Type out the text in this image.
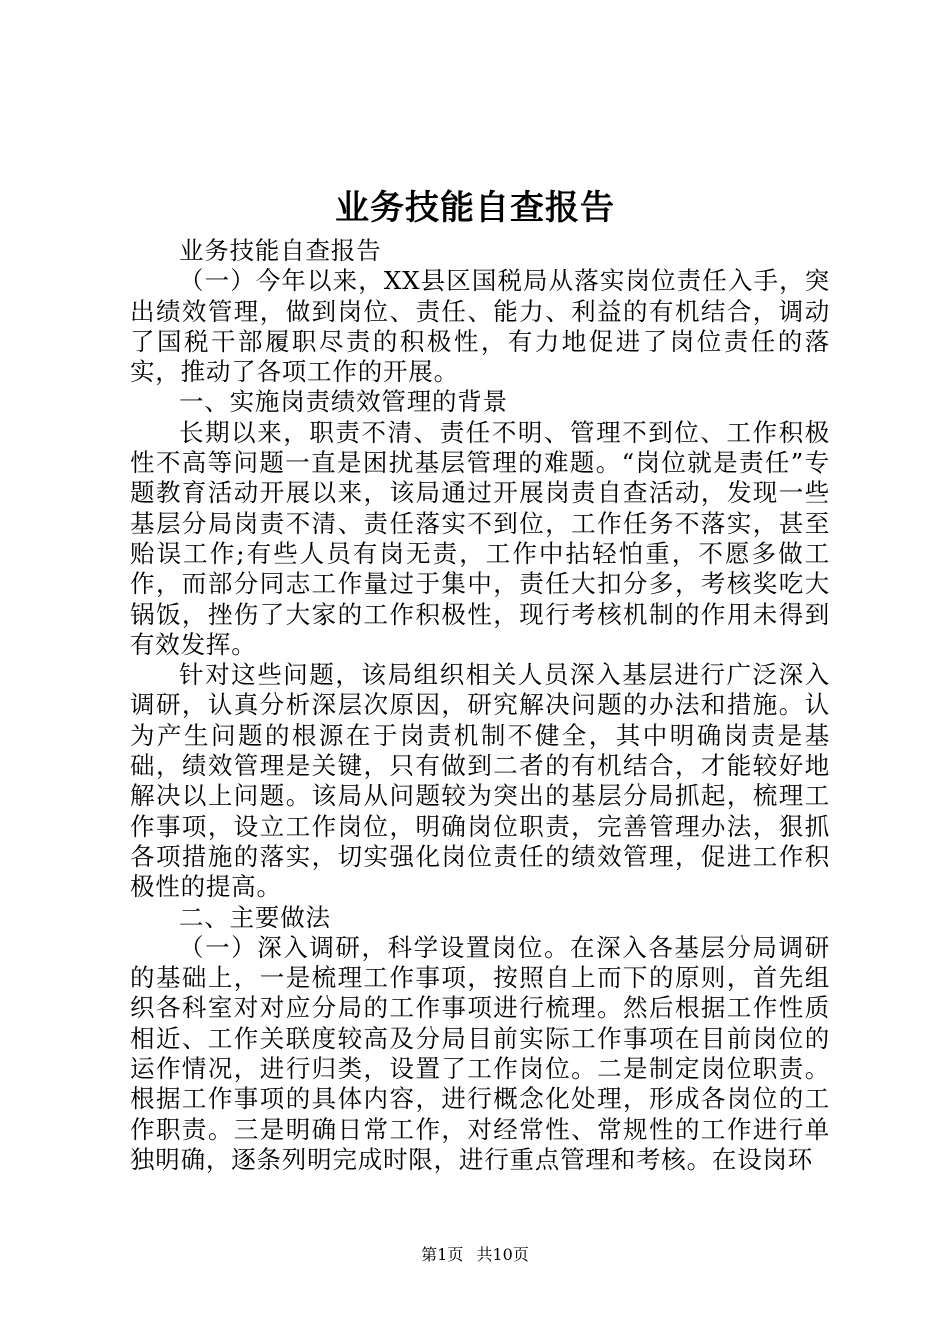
业务技能自查报告

业务技能自查报告

（一）今年以来，XX县区国税局从落实岗位责任入手，突出绩效管理，做到岗位、责任、能力、利益的有机结合，调动了国税干部履职尽责的积极性，有力地促进了岗位责任的落实，推动了各项工作的开展。

一、实施岗责绩效管理的背景

长期以来，职责不清、责任不明、管理不到位、工作积极性不高等问题一直是困扰基层管理的难题。“岗位就是责任”专题教育活动开展以来，该局通过开展岗责自查活动，发现一些基层分局岗责不清、责任落实不到位，工作任务不落实，甚至贻误工作;有些人员有岗无责，工作中拈轻怕重，不愿多做工作，而部分同志工作量过于集中，责任大扣分多，考核奖吃大锅饭，挫伤了大家的工作积极性，现行考核机制的作用未得到有效发挥。

针对这些问题，该局组织相关人员深入基层进行广泛深入调研，认真分析深层次原因，研究解决问题的办法和措施。认为产生问题的根源在于岗责机制不健全，其中明确岗责是基础，绩效管理是关键，只有做到二者的有机结合，才能较好地解决以上问题。该局从问题较为突出的基层分局抓起，梳理工作事项，设立工作岗位，明确岗位职责，完善管理办法，狠抓各项措施的落实，切实强化岗位责任的绩效管理，促进工作积极性的提高。

二、主要做法

（一）深入调研，科学设置岗位。在深入各基层分局调研的基础上，一是梳理工作事项，按照自上而下的原则，首先组织各科室对对应分局的工作事项进行梳理。然后根据工作性质相近、工作关联度较高及分局目前实际工作事项在目前岗位的运作情况，进行归类，设置了工作岗位。二是制定岗位职责。根据工作事项的具体内容，进行概念化处理，形成各岗位的工作职责。三是明确日常工作，对经常性、常规性的工作进行单独明确，逐条列明完成时限，进行重点管理和考核。在设岗环

第1页 共10页
